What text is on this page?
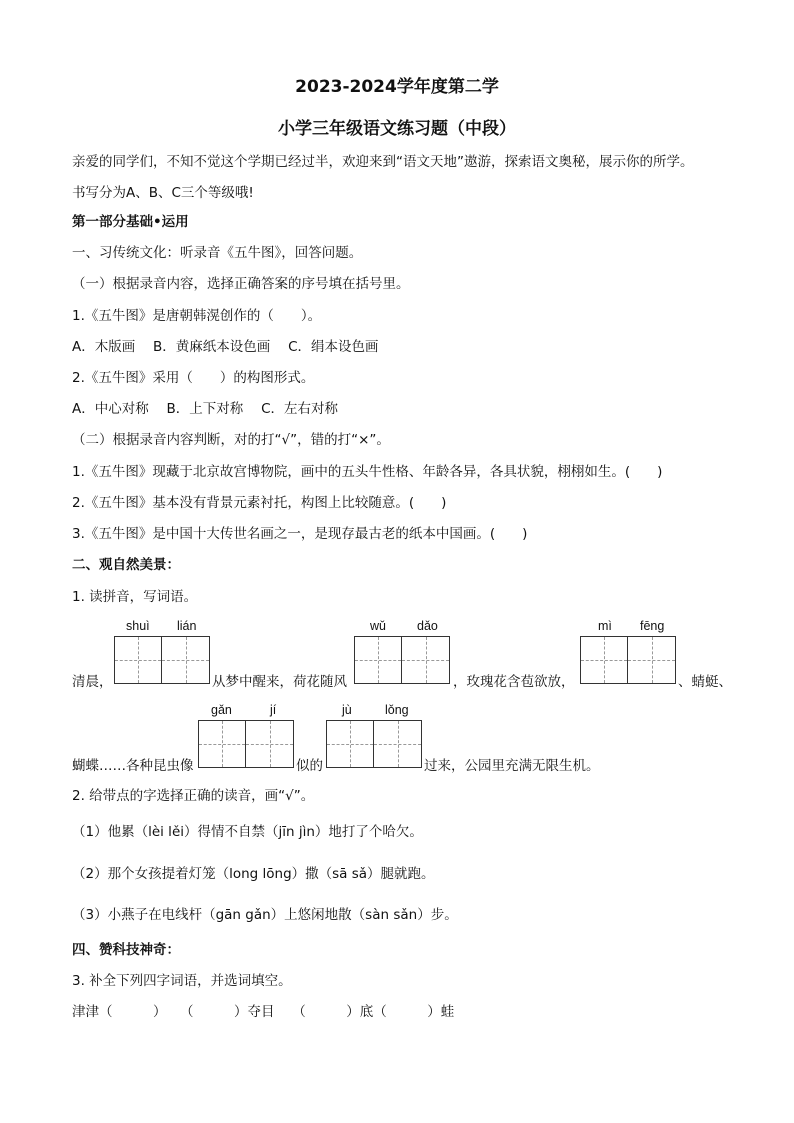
2023-2024学年度第二学
小学三年级语文练习题（中段）
亲爱的同学们，不知不觉这个学期已经过半，欢迎来到“语文天地”遨游，探索语文奥秘，展示你的所学。
书写分为A、B、C三个等级哦!
第一部分基础•运用
一、习传统文化：听录音《五牛图》，回答问题。
（一）根据录音内容，选择正确答案的序号填在括号里。
1.《五牛图》是唐朝韩滉创作的（　　）。
A．木版画　 B．黄麻纸本设色画　 C．绢本设色画
2.《五牛图》采用（　　）的构图形式。
A．中心对称　 B．上下对称　 C．左右对称
（二）根据录音内容判断，对的打“√”，错的打“×”。
1.《五牛图》现藏于北京故宫博物院，画中的五头牛性格、年龄各异，各具状貌，栩栩如生。(　　)
2.《五牛图》基本没有背景元素衬托，构图上比较随意。(　　)
3.《五牛图》是中国十大传世名画之一，是现存最古老的纸本中国画。(　　)
二、观自然美景：
1. 读拼音，写词语。
shuì lián	wǔ dǎo	mì fēng
清晨，	从梦中醒来，荷花随风	，玫瑰花含苞欲放，	、蜻蜓、
gǎn	jí	jù	lǒng
蝴蝶……各种昆虫像	似的	过来，公园里充满无限生机。
2. 给带点的字选择正确的读音，画“√”。
（1）他累（lèi lěi）得情不自禁（jīn jìn）地打了个哈欠。
（2）那个女孩提着灯笼（long lōng）撒（sā sǎ）腿就跑。
（3）小燕子在电线杆（gān gǎn）上悠闲地散（sàn sǎn）步。
四、赞科技神奇：
3. 补全下列四字词语，并选词填空。
津津（　　　）　　（　　　）夺目　 （　　　）底（　　　）蛙
